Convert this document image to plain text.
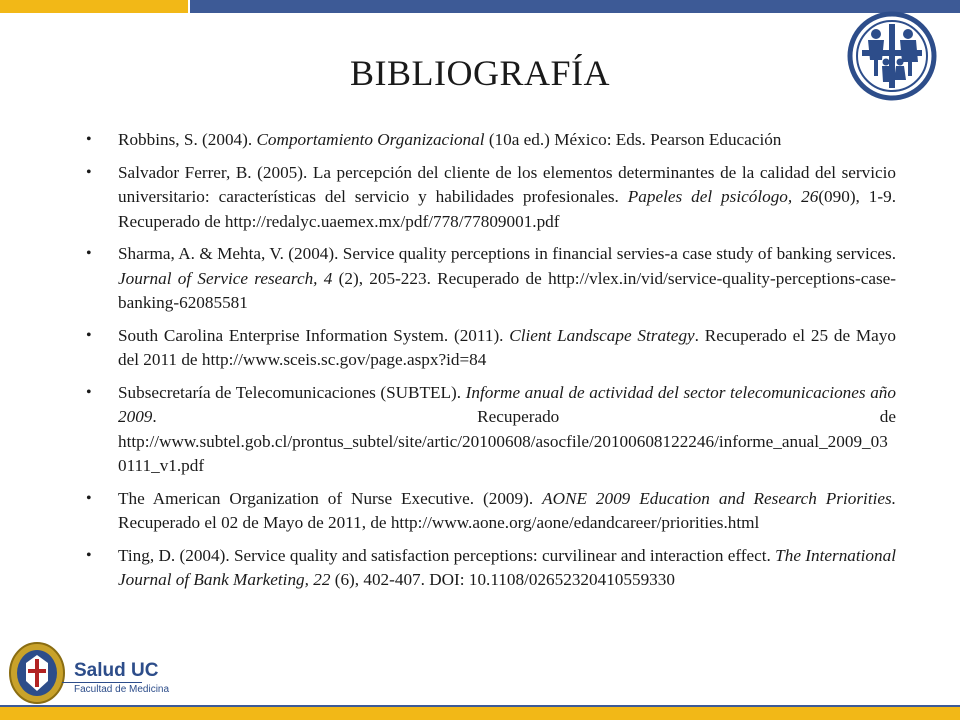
BIBLIOGRAFÍA
• Robbins, S. (2004). Comportamiento Organizacional (10a ed.) México: Eds. Pearson Educación
• Salvador Ferrer, B. (2005). La percepción del cliente de los elementos determinantes de la calidad del servicio universitario: características del servicio y habilidades profesionales. Papeles del psicólogo, 26(090), 1-9. Recuperado de http://redalyc.uaemex.mx/pdf/778/77809001.pdf
• Sharma, A. & Mehta, V. (2004). Service quality perceptions in financial servies-a case study of banking services. Journal of Service research, 4 (2), 205-223. Recuperado de http://vlex.in/vid/service-quality-perceptions-case-banking-62085581
• South Carolina Enterprise Information System. (2011). Client Landscape Strategy. Recuperado el 25 de Mayo del 2011 de http://www.sceis.sc.gov/page.aspx?id=84
• Subsecretaría de Telecomunicaciones (SUBTEL). Informe anual de actividad del sector telecomunicaciones año 2009. Recuperado de http://www.subtel.gob.cl/prontus_subtel/site/artic/20100608/asocfile/20100608122246/informe_anual_2009_030111_v1.pdf
• The American Organization of Nurse Executive. (2009). AONE 2009 Education and Research Priorities. Recuperado el 02 de Mayo de 2011, de http://www.aone.org/aone/edandcareer/priorities.html
• Ting, D. (2004). Service quality and satisfaction perceptions: curvilinear and interaction effect. The International Journal of Bank Marketing, 22 (6), 402-407. DOI: 10.1108/02652320410559330
Salud UC
Facultad de Medicina
